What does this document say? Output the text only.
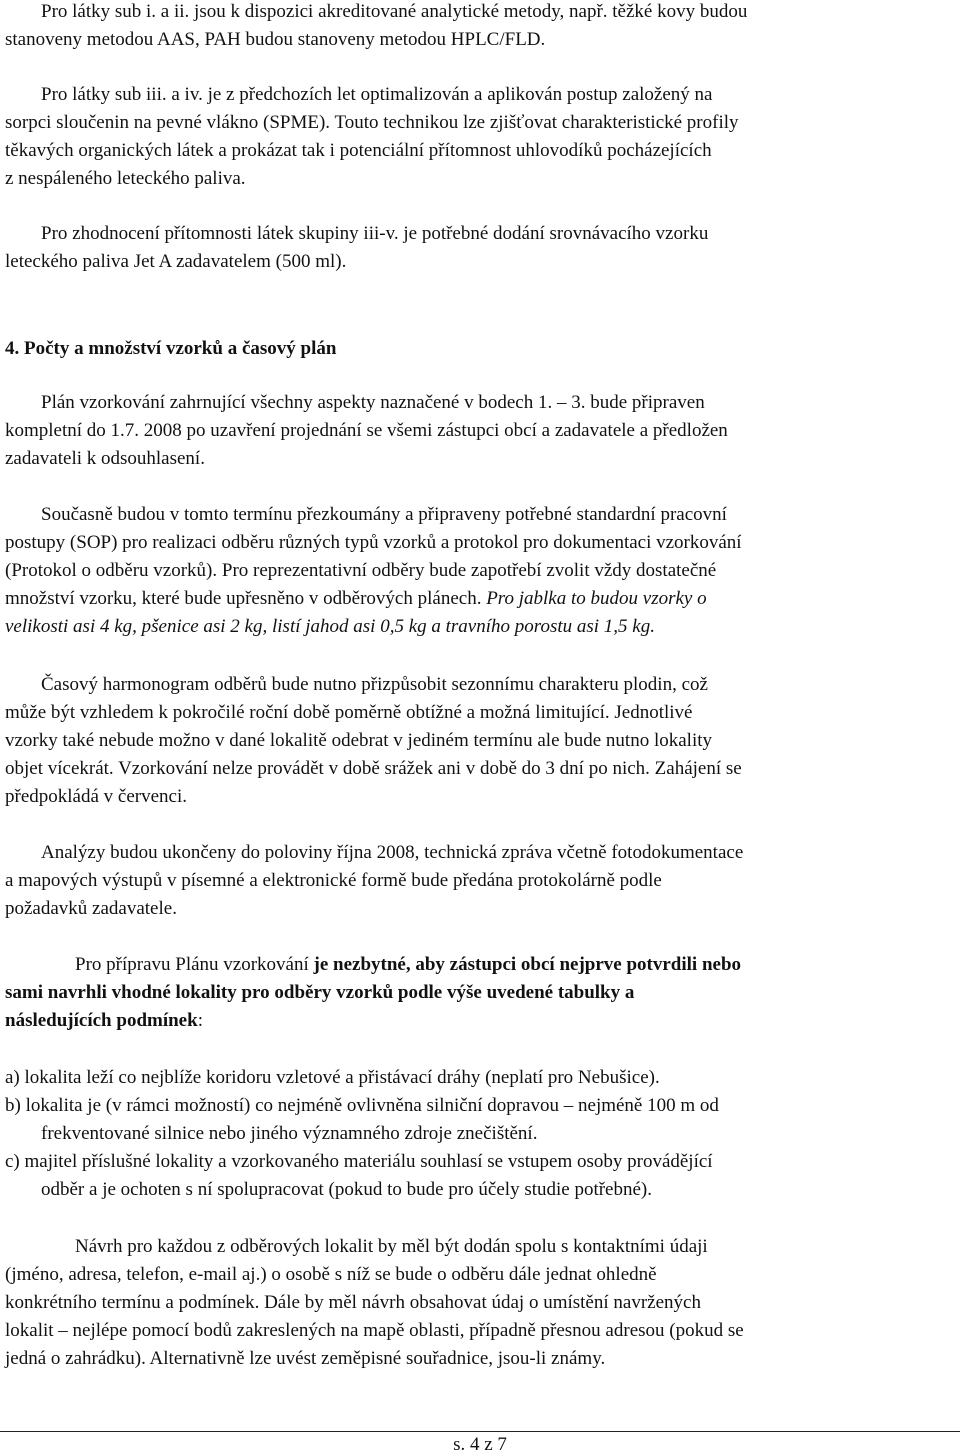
Pro látky sub i. a ii. jsou k dispozici akreditované analytické metody, např. těžké kovy budou
stanoveny metodou AAS, PAH budou stanoveny metodou HPLC/FLD.
Pro látky sub iii. a iv. je z předchozích let optimalizován a aplikován postup založený na
sorpci sloučenin na pevné vlákno (SPME). Touto technikou lze zjišťovat charakteristické profily
těkavých organických látek a prokázat tak i potenciální přítomnost uhlovodíků pocházejících
z nespáleného leteckého paliva.
Pro zhodnocení přítomnosti látek skupiny iii-v. je potřebné dodání srovnávacího vzorku
leteckého paliva Jet A zadavatelem (500 ml).
4. Počty a množství vzorků a časový plán
Plán vzorkování zahrnující všechny aspekty naznačené v bodech 1. – 3. bude připraven
kompletní do 1.7. 2008 po uzavření projednání se všemi zástupci obcí a zadavatele a předložen
zadavateli k odsouhlasení.
Současně budou v tomto termínu přezkoumány a připraveny potřebné standardní pracovní
postupy (SOP) pro realizaci odběru různých typů vzorků a protokol pro dokumentaci vzorkování
(Protokol o odběru vzorků). Pro reprezentativní odběry bude zapotřebí zvolit vždy dostatečné
množství vzorku, které bude upřesněno v odběrových plánech. Pro jablka to budou vzorky o
velikosti asi 4 kg, pšenice asi 2 kg, listí jahod asi 0,5 kg a travního porostu asi 1,5 kg.
Časový harmonogram odběrů bude nutno přizpůsobit sezonnímu charakteru plodin, což
může být vzhledem k pokročilé roční době poměrně obtížné a možná limitující. Jednotlivé
vzorky také nebude možno v dané lokalitě odebrat v jediném termínu ale bude nutno lokality
objet vícekrát. Vzorkování nelze provádět v době srážek ani v době do 3 dní po nich. Zahájení se
předpokládá v červenci.
Analýzy budou ukončeny do poloviny října 2008, technická zpráva včetně fotodokumentace
a mapových výstupů v písemné a elektronické formě bude předána protokolárně podle
požadavků zadavatele.
Pro přípravu Plánu vzorkování je nezbytné, aby zástupci obcí nejprve potvrdili nebo
sami navrhli vhodné lokality pro odběry vzorků podle výše uvedené tabulky a
následujících podmínek:
a) lokalita leží co nejblíže koridoru vzletové a přistávací dráhy (neplatí pro Nebušice).
b) lokalita je (v rámci možností) co nejméně ovlivněna silniční dopravou – nejméně 100 m od
frekventované silnice nebo jiného významného zdroje znečištění.
c) majitel příslušné lokality a vzorkovaného materiálu souhlasí se vstupem osoby provádějící
odběr a je ochoten s ní spolupracovat (pokud to bude pro účely studie potřebné).
Návrh pro každou z odběrových lokalit by měl být dodán spolu s kontaktními údaji
(jméno, adresa, telefon, e-mail aj.) o osobě s níž se bude o odběru dále jednat ohledně
konkrétního termínu a podmínek. Dále by měl návrh obsahovat údaj o umístění navržených
lokalit – nejlépe pomocí bodů zakreslených na mapě oblasti, případně přesnou adresou (pokud se
jedná o zahrádku). Alternativně lze uvést zeměpisné souřadnice, jsou-li známy.
s. 4 z 7
